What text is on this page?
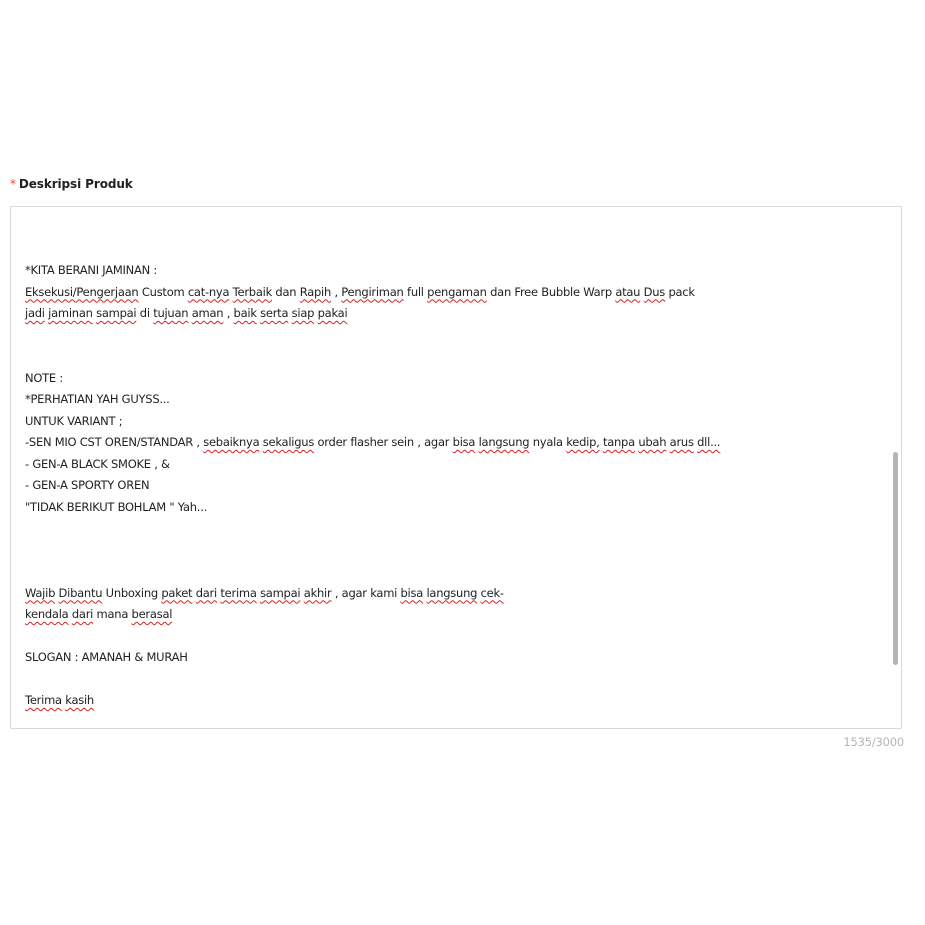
* Deskripsi Produk
*KITA BERANI JAMINAN :
Eksekusi/Pengerjaan Custom cat-nya Terbaik dan Rapih , Pengiriman full pengaman dan Free Bubble Warp atau Dus pack
jadi jaminan sampai di tujuan aman , baik serta siap pakai
NOTE :
*PERHATIAN YAH GUYSS...
UNTUK VARIANT ;
-SEN MIO CST OREN/STANDAR , sebaiknya sekaligus order flasher sein , agar bisa langsung nyala kedip, tanpa ubah arus dll...
- GEN-A BLACK SMOKE , &
- GEN-A SPORTY OREN
"TIDAK BERIKUT BOHLAM " Yah...
Wajib Dibantu Unboxing paket dari terima sampai akhir , agar kami bisa langsung cek-
kendala dari mana berasal
SLOGAN : AMANAH & MURAH
Terima kasih
1535/3000
